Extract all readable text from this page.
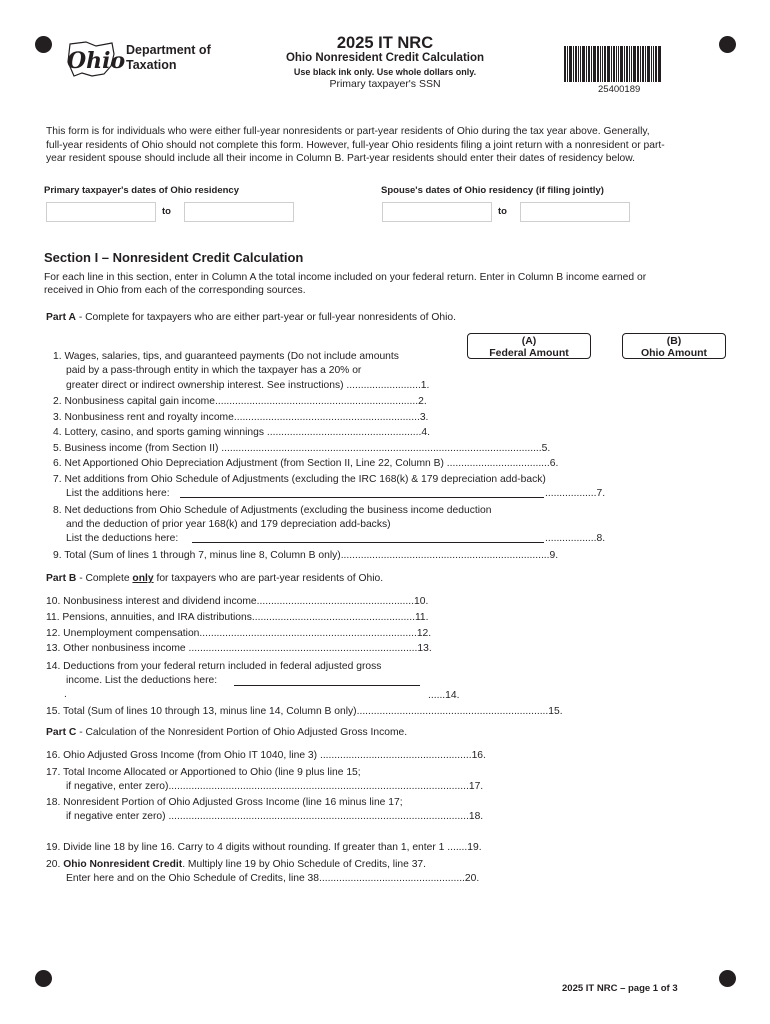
Ohio Department of
Taxation
2025 IT NRC
Ohio Nonresident Credit Calculation
Use black ink only. Use whole dollars only.
Primary taxpayer's SSN	25400189
This form is for individuals who were either full-year nonresidents or part-year residents of Ohio during the tax year above. Generally,
full-year residents of Ohio should not complete this form. However, full-year Ohio residents filing a joint return with a nonresident or part-
year resident spouse should include all their income in Column B. Part-year residents should enter their dates of residency below.
Primary taxpayer's dates of Ohio residency	Spouse's dates of Ohio residency (if filing jointly)
to	to
Section I – Nonresident Credit Calculation
For each line in this section, enter in Column A the total income included on your federal return. Enter in Column B income earned or
received in Ohio from each of the corresponding sources.
Part A - Complete for taxpayers who are either part-year or full-year nonresidents of Ohio.
(A)
Federal Amount
(B)
Ohio Amount
1. Wages, salaries, tips, and guaranteed payments (Do not include amounts
paid by a pass-through entity in which the taxpayer has a 20% or
greater direct or indirect ownership interest. See instructions) ..........................1.
2. Nonbusiness capital gain income.......................................................................2.
3. Nonbusiness rent and royalty income.................................................................3.
4. Lottery, casino, and sports gaming winnings ......................................................4.
5. Business income (from Section II) ................................................................................................................5.
6. Net Apportioned Ohio Depreciation Adjustment (from Section II, Line 22, Column B) ....................................6.
7. Net additions from Ohio Schedule of Adjustments (excluding the IRC 168(k) & 179 depreciation add-back)
List the additions here:	..................7.
8. Net deductions from Ohio Schedule of Adjustments (excluding the business income deduction
and the deduction of prior year 168(k) and 179 depreciation add-backs)
List the deductions here:	..................8.
9. Total (Sum of lines 1 through 7, minus line 8, Column B only).........................................................................9.
Part B - Complete only for taxpayers who are part-year residents of Ohio.
10. Nonbusiness interest and dividend income.......................................................10.
11. Pensions, annuities, and IRA distributions.........................................................11.
12. Unemployment compensation............................................................................12.
13. Other nonbusiness income ................................................................................13.
14. Deductions from your federal return included in federal adjusted gross
income. List the deductions here:
.	......14.
15. Total (Sum of lines 10 through 13, minus line 14, Column B only)...................................................................15.
Part C - Calculation of the Nonresident Portion of Ohio Adjusted Gross Income.
16. Ohio Adjusted Gross Income (from Ohio IT 1040, line 3) .....................................................16.
17. Total Income Allocated or Apportioned to Ohio (line 9 plus line 15;
if negative, enter zero).........................................................................................................17.
18. Nonresident Portion of Ohio Adjusted Gross Income (line 16 minus line 17;
if negative enter zero) .........................................................................................................18.
19. Divide line 18 by line 16. Carry to 4 digits without rounding. If greater than 1, enter 1 .......19.
20. Ohio Nonresident Credit. Multiply line 19 by Ohio Schedule of Credits, line 37.
Enter here and on the Ohio Schedule of Credits, line 38...................................................20.
2025 IT NRC – page 1 of 3
